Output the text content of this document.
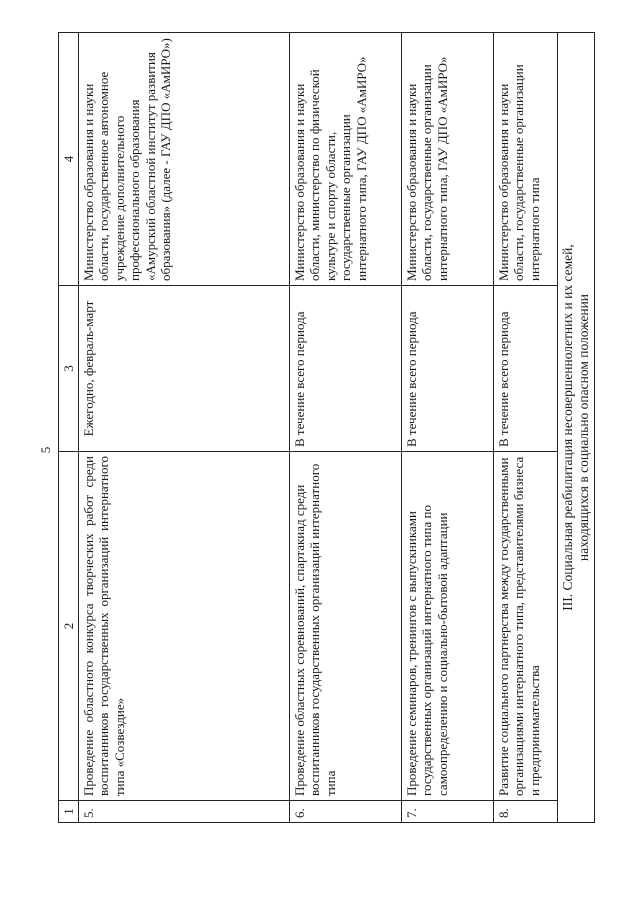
5
1	2	3	4
5.	Проведение областного конкурса творческих работ среди воспитанников государственных организаций интернатного типа «Созвездие»	Ежегодно, февраль-март	Министерство образования и науки области, государственное автономное учреждение дополнительного профессионального образования «Амурский областной институт развития образования» (далее - ГАУ ДПО «АмИРО»)
6.	Проведение областных соревнований, спартакиад среди воспитанников государственных организаций интернатного типа	В течение всего периода	Министерство образования и науки области, министерство по физической культуре и спорту области, государственные организации интернатного типа, ГАУ ДПО «АмИРО»
7.	Проведение семинаров, тренингов с выпускниками государственных организаций интернатного типа по самоопределению и социально-бытовой адаптации	В течение всего периода	Министерство образования и науки области, государственные организации интернатного типа, ГАУ ДПО «АмИРО»
8.	Развитие социального партнерства между государственными организациями интернатного типа, представителями бизнеса и предпринимательства	В течение всего периода	Министерство образования и науки области, государственные организации интернатного типа

III. Социальная реабилитация несовершеннолетних и их семей, находящихся в социально опасном положении			
